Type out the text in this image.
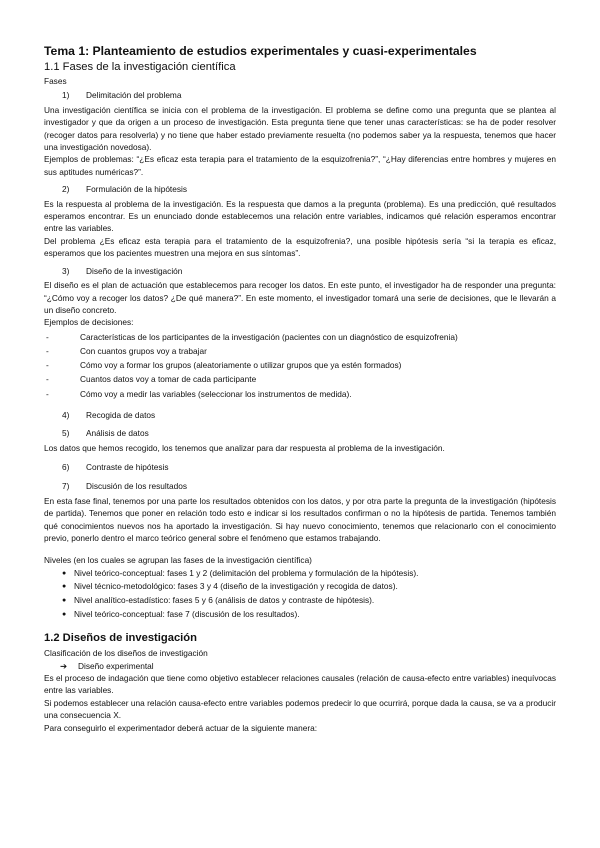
Tema 1: Planteamiento de estudios experimentales y cuasi-experimentales
1.1 Fases de la investigación científica
Fases
1)	Delimitación del problema
Una investigación científica se inicia con el problema de la investigación. El problema se define como una pregunta que se plantea al investigador y que da origen a un proceso de investigación. Esta pregunta tiene que tener unas características: se ha de poder resolver (recoger datos para resolverla) y no tiene que haber estado previamente resuelta (no podemos saber ya la respuesta, tenemos que hacer una investigación novedosa).
Ejemplos de problemas: “¿Es eficaz esta terapia para el tratamiento de la esquizofrenia?”, “¿Hay diferencias entre hombres y mujeres en sus aptitudes numéricas?”.
2)	Formulación de la hipótesis
Es la respuesta al problema de la investigación. Es la respuesta que damos a la pregunta (problema). Es una predicción, qué resultados esperamos encontrar. Es un enunciado donde establecemos una relación entre variables, indicamos qué relación esperamos encontrar entre las variables.
Del problema ¿Es eficaz esta terapia para el tratamiento de la esquizofrenia?, una posible hipótesis sería “si la terapia es eficaz, esperamos que los pacientes muestren una mejora en sus síntomas”.
3)	Diseño de la investigación
El diseño es el plan de actuación que establecemos para recoger los datos. En este punto, el investigador ha de responder una pregunta: “¿Cómo voy a recoger los datos? ¿De qué manera?”. En este momento, el investigador tomará una serie de decisiones, que le llevarán a un diseño concreto.
Ejemplos de decisiones:
-	Características de los participantes de la investigación (pacientes con un diagnóstico de esquizofrenia)
-	Con cuantos grupos voy a trabajar
-	Cómo voy a formar los grupos (aleatoriamente o utilizar grupos que ya estén formados)
-	Cuantos datos voy a tomar de cada participante
-	Cómo voy a medir las variables (seleccionar los instrumentos de medida).
4)	Recogida de datos
5)	Análisis de datos
Los datos que hemos recogido, los tenemos que analizar para dar respuesta al problema de la investigación.
6)	Contraste de hipótesis
7)	Discusión de los resultados
En esta fase final, tenemos por una parte los resultados obtenidos con los datos, y por otra parte la pregunta de la investigación (hipótesis de partida). Tenemos que poner en relación todo esto e indicar si los resultados confirman o no la hipótesis de partida. Tenemos también qué conocimientos nuevos nos ha aportado la investigación. Si hay nuevo conocimiento, tenemos que relacionarlo con el conocimiento previo, ponerlo dentro el marco teórico general sobre el fenómeno que estamos trabajando.
Niveles (en los cuales se agrupan las fases de la investigación científica)
● Nivel teórico-conceptual: fases 1 y 2 (delimitación del problema y formulación de la hipótesis).
● Nivel técnico-metodológico: fases 3 y 4 (diseño de la investigación y recogida de datos).
● Nivel analítico-estadístico: fases 5 y 6 (análisis de datos y contraste de hipótesis).
● Nivel teórico-conceptual: fase 7 (discusión de los resultados).
1.2 Diseños de investigación
Clasificación de los diseños de investigación
➔	Diseño experimental
Es el proceso de indagación que tiene como objetivo establecer relaciones causales (relación de causa-efecto entre variables) inequívocas entre las variables.
Si podemos establecer una relación causa-efecto entre variables podemos predecir lo que ocurrirá, porque dada la causa, se va a producir una consecuencia X.
Para conseguirlo el experimentador deberá actuar de la siguiente manera:
